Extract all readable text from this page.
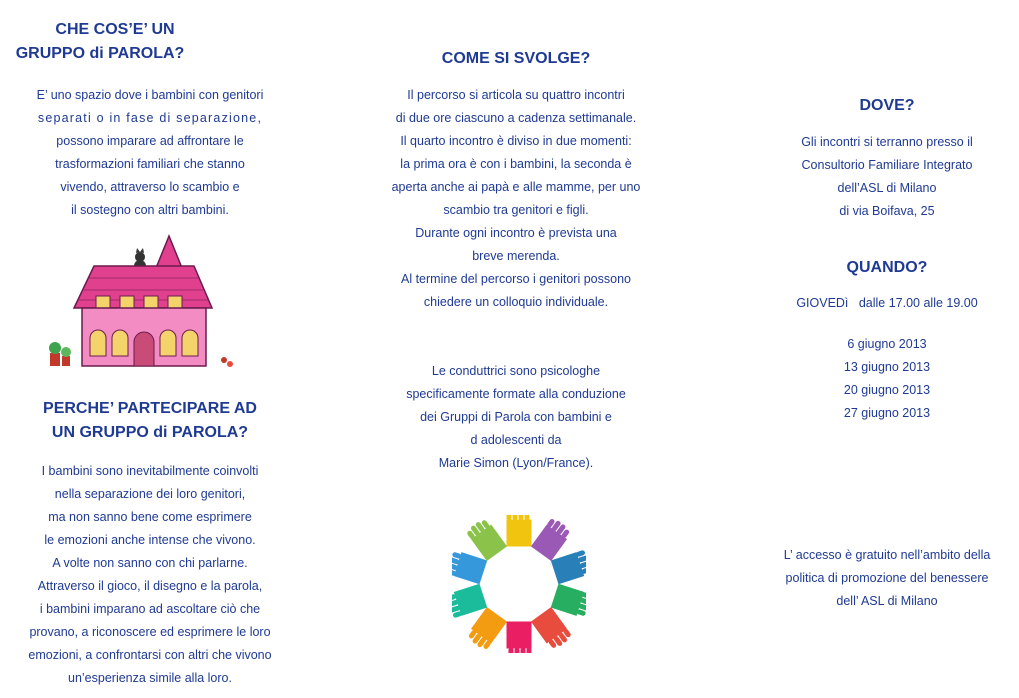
CHE COS’E’ UN
GRUPPO di PAROLA?

E’ uno spazio dove i bambini con genitori
separati o in fase di separazione,
possono imparare ad affrontare le
trasformazioni familiari che stanno
vivendo, attraverso lo scambio e
il sostegno con altri bambini.

PERCHE’ PARTECIPARE AD
UN GRUPPO di PAROLA?

I bambini sono inevitabilmente coinvolti
nella separazione dei loro genitori,
ma non sanno bene come esprimere
le emozioni anche intense che vivono.
A volte non sanno con chi parlarne.
Attraverso il gioco, il disegno e la parola,
i bambini imparano ad ascoltare ciò che
provano, a riconoscere ed esprimere le loro
emozioni, a confrontarsi con altri che vivono
un’esperienza simile alla loro.

COME SI SVOLGE?

Il percorso si articola su quattro incontri
di due ore ciascuno a cadenza settimanale.
Il quarto incontro è diviso in due momenti:
la prima ora è con i bambini, la seconda è
aperta anche ai papà e alle mamme, per uno
scambio tra genitori e figli.
Durante ogni incontro è prevista una
breve merenda.
Al termine del percorso i genitori possono
chiedere un colloquio individuale.

Le conduttrici sono psicologhe
specificamente formate alla conduzione
dei Gruppi di Parola con bambini e
d adolescenti da
Marie Simon (Lyon/France).

DOVE?

Gli incontri si terranno presso il
Consultorio Familiare Integrato
dell’ASL di Milano
di via Boifava, 25

QUANDO?

GIOVEDì   dalle 17.00 alle 19.00

6 giugno 2013
13 giugno 2013
20 giugno 2013
27 giugno 2013

L’ accesso è gratuito nell’ambito della
politica di promozione del benessere
dell’ ASL di Milano
